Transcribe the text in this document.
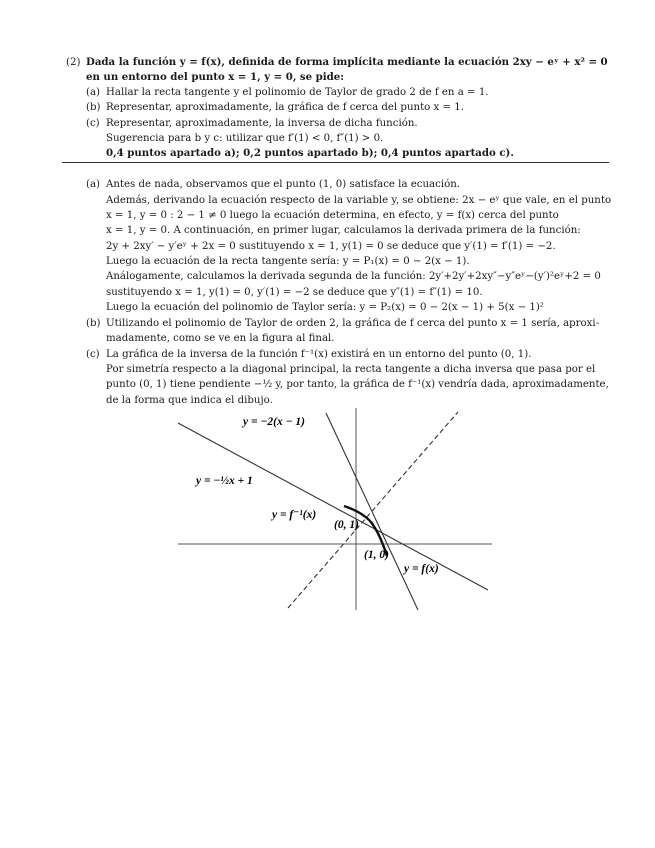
(2) Dada la función y = f(x), definida de forma implícita mediante la ecuación 2xy − eʸ + x² = 0
en un entorno del punto x = 1, y = 0, se pide:
(a) Hallar la recta tangente y el polinomio de Taylor de grado 2 de f en a = 1.
(b) Representar, aproximadamente, la gráfica de f cerca del punto x = 1.
(c) Representar, aproximadamente, la inversa de dicha función.
Sugerencia para b y c: utilizar que f′(1) < 0, f″(1) > 0.
0,4 puntos apartado a); 0,2 puntos apartado b); 0,4 puntos apartado c).
(a) Antes de nada, observamos que el punto (1, 0) satisface la ecuación.
Además, derivando la ecuación respecto de la variable y, se obtiene: 2x − eʸ que vale, en el punto
x = 1, y = 0 : 2 − 1 ≠ 0 luego la ecuación determina, en efecto, y = f(x) cerca del punto
x = 1, y = 0. A continuación, en primer lugar, calculamos la derivada primera de la función:
2y + 2xy′ − y′eʸ + 2x = 0 sustituyendo x = 1, y(1) = 0 se deduce que y′(1) = f′(1) = −2.
Luego la ecuación de la recta tangente sería: y = P₁(x) = 0 − 2(x − 1).
Análogamente, calculamos la derivada segunda de la función: 2y′+2y′+2xy″−y″eʸ−(y′)²eʸ+2 = 0
sustituyendo x = 1, y(1) = 0, y′(1) = −2 se deduce que y″(1) = f″(1) = 10.
Luego la ecuación del polinomio de Taylor sería: y = P₂(x) = 0 − 2(x − 1) + 5(x − 1)²
(b) Utilizando el polinomio de Taylor de orden 2, la gráfica de f cerca del punto x = 1 sería, aproxi-
madamente, como se ve en la figura al final.
(c) La gráfica de la inversa de la función f⁻¹(x) existirá en un entorno del punto (0, 1).
Por simetría respecto a la diagonal principal, la recta tangente a dicha inversa que pasa por el
punto (0, 1) tiene pendiente −½ y, por tanto, la gráfica de f⁻¹(x) vendría dada, aproximadamente,
de la forma que indica el dibujo.
y = −2(x − 1)
y = −½x + 1
y = f⁻¹(x)
(0, 1)
(1, 0)
y = f(x)
